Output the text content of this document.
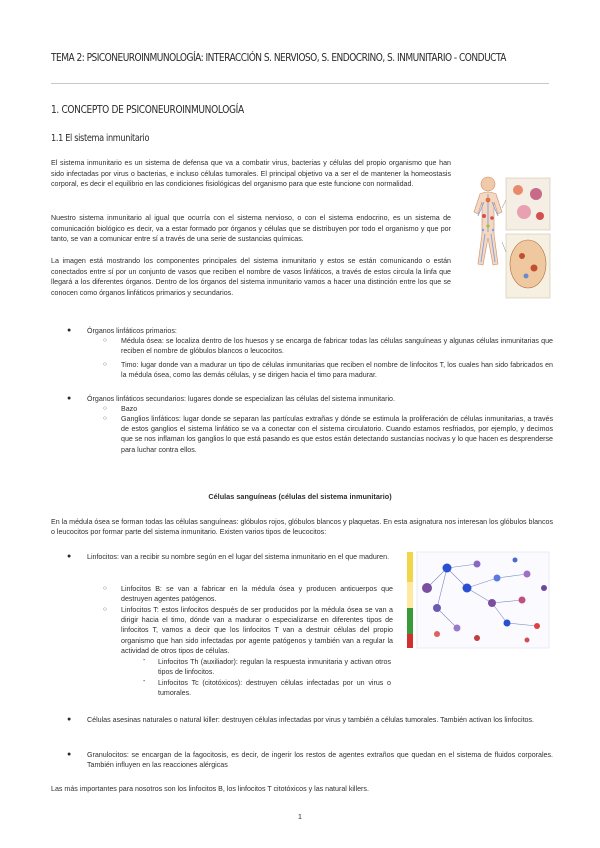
TEMA 2: PSICONEUROINMUNOLOGÍA: INTERACCIÓN S. NERVIOSO, S. ENDOCRINO, S. INMUNITARIO - CONDUCTA
1. CONCEPTO DE PSICONEUROINMUNOLOGÍA
1.1 El sistema inmunitario
El sistema inmunitario es un sistema de defensa que va a combatir virus, bacterias y células del propio organismo que han sido infectadas por virus o bacterias, e incluso células tumorales. El principal objetivo va a ser el de mantener la homeostasis corporal, es decir el equilibrio en las condiciones fisiológicas del organismo para que este funcione con normalidad.
Nuestro sistema inmunitario al igual que ocurría con el sistema nervioso, o con el sistema endocrino, es un sistema de comunicación biológico es decir, va a estar formado por órganos y células que se distribuyen por todo el organismo y que por tanto, se van a comunicar entre sí a través de una serie de sustancias químicas.
La imagen está mostrando los componentes principales del sistema inmunitario y estos se están comunicando o están conectados entre sí por un conjunto de vasos que reciben el nombre de vasos linfáticos, a través de estos circula la linfa que llegará a los diferentes órganos. Dentro de los órganos del sistema inmunitario vamos a hacer una distinción entre los que se conocen como órganos linfáticos primarios y secundarios.
● Órganos linfáticos primarios:
○ Médula ósea: se localiza dentro de los huesos y se encarga de fabricar todas las células sanguíneas y algunas células inmunitarias que reciben el nombre de glóbulos blancos o leucocitos.
○ Timo: lugar donde van a madurar un tipo de células inmunitarias que reciben el nombre de linfocitos T, los cuales han sido fabricados en la médula ósea, como las demás células, y se dirigen hacia el timo para madurar.
● Órganos linfáticos secundarios: lugares donde se especializan las células del sistema inmunitario.
○ Bazo
○ Ganglios linfáticos: lugar donde se separan las partículas extrañas y dónde se estimula la proliferación de células inmunitarias, a través de estos ganglios el sistema linfático se va a conectar con el sistema circulatorio. Cuando estamos resfriados, por ejemplo, y decimos que se nos inflaman los ganglios lo que está pasando es que estos están detectando sustancias nocivas y lo que hacen es desprenderse para luchar contra ellos.
Células sanguíneas (células del sistema inmunitario)
En la médula ósea se forman todas las células sanguíneas: glóbulos rojos, glóbulos blancos y plaquetas. En esta asignatura nos interesan los glóbulos blancos o leucocitos por formar parte del sistema inmunitario. Existen varios tipos de leucocitos:
● Linfocitos: van a recibir su nombre según en el lugar del sistema inmunitario en el que maduren.
○ Linfocitos B: se van a fabricar en la médula ósea y producen anticuerpos que destruyen agentes patógenos.
○ Linfocitos T: estos linfocitos después de ser producidos por la médula ósea se van a dirigir hacia el timo, dónde van a madurar o especializarse en diferentes tipos de linfocitos T, vamos a decir que los linfocitos T van a destruir células del propio organismo que han sido infectadas por agente patógenos y también van a regular la actividad de otros tipos de células.
- Linfocitos Th (auxiliador): regulan la respuesta inmunitaria y activan otros tipos de linfocitos.
- Linfocitos Tc (citotóxicos): destruyen células infectadas por un virus o tumorales.
● Células asesinas naturales o natural killer: destruyen células infectadas por virus y también a células tumorales. También activan los linfocitos.
● Granulocitos: se encargan de la fagocitosis, es decir, de ingerir los restos de agentes extraños que quedan en el sistema de fluidos corporales. También influyen en las reacciones alérgicas
Las más importantes para nosotros son los linfocitos B, los linfocitos T citotóxicos y las natural killers.
1
